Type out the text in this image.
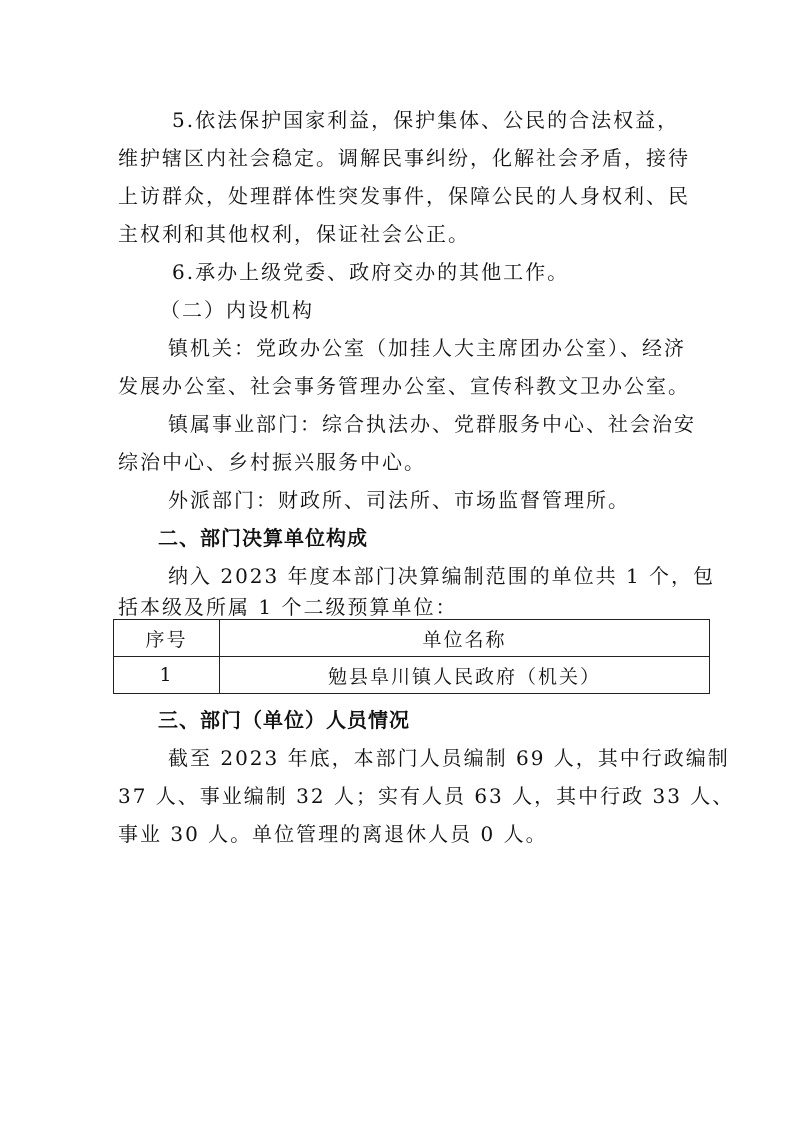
5.依法保护国家利益，保护集体、公民的合法权益，
维护辖区内社会稳定。调解民事纠纷，化解社会矛盾，接待
上访群众，处理群体性突发事件，保障公民的人身权利、民
主权利和其他权利，保证社会公正。
6.承办上级党委、政府交办的其他工作。
（二）内设机构
镇机关：党政办公室（加挂人大主席团办公室）、经济
发展办公室、社会事务管理办公室、宣传科教文卫办公室。
镇属事业部门：综合执法办、党群服务中心、社会治安
综治中心、乡村振兴服务中心。
外派部门：财政所、司法所、市场监督管理所。
二、部门决算单位构成
纳入 2023 年度本部门决算编制范围的单位共 1 个，包
括本级及所属 1 个二级预算单位：
序号	单位名称
1	勉县阜川镇人民政府（机关）
三、部门（单位）人员情况
截至 2023 年底，本部门人员编制 69 人，其中行政编制
37 人、事业编制 32 人；实有人员 63 人，其中行政 33 人、
事业 30 人。单位管理的离退休人员 0 人。
